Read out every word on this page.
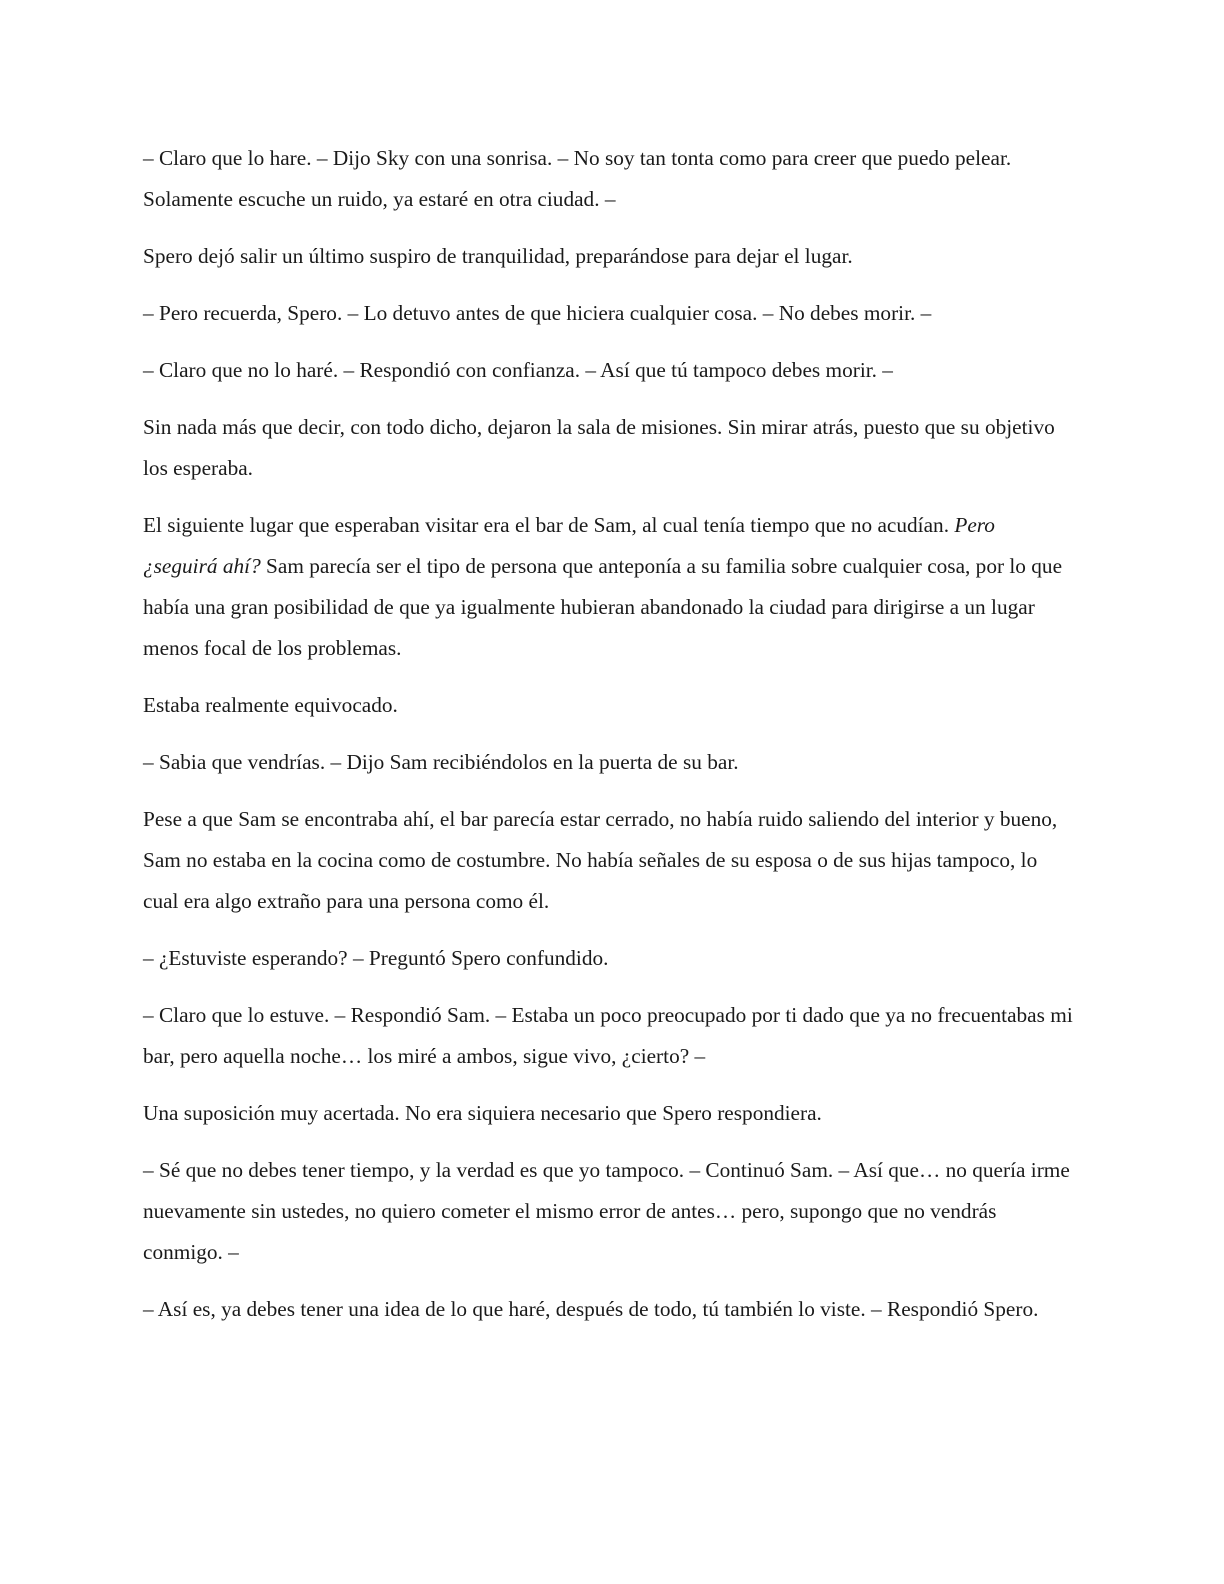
– Claro que lo hare. – Dijo Sky con una sonrisa. – No soy tan tonta como para creer que puedo pelear. Solamente escuche un ruido, ya estaré en otra ciudad. –

Spero dejó salir un último suspiro de tranquilidad, preparándose para dejar el lugar.

– Pero recuerda, Spero. – Lo detuvo antes de que hiciera cualquier cosa. – No debes morir. –

– Claro que no lo haré. – Respondió con confianza. – Así que tú tampoco debes morir. –

Sin nada más que decir, con todo dicho, dejaron la sala de misiones. Sin mirar atrás, puesto que su objetivo los esperaba.

El siguiente lugar que esperaban visitar era el bar de Sam, al cual tenía tiempo que no acudían. Pero ¿seguirá ahí? Sam parecía ser el tipo de persona que anteponía a su familia sobre cualquier cosa, por lo que había una gran posibilidad de que ya igualmente hubieran abandonado la ciudad para dirigirse a un lugar menos focal de los problemas.

Estaba realmente equivocado.

– Sabia que vendrías. – Dijo Sam recibiéndolos en la puerta de su bar.

Pese a que Sam se encontraba ahí, el bar parecía estar cerrado, no había ruido saliendo del interior y bueno, Sam no estaba en la cocina como de costumbre. No había señales de su esposa o de sus hijas tampoco, lo cual era algo extraño para una persona como él.

– ¿Estuviste esperando? – Preguntó Spero confundido.

– Claro que lo estuve. – Respondió Sam. – Estaba un poco preocupado por ti dado que ya no frecuentabas mi bar, pero aquella noche… los miré a ambos, sigue vivo, ¿cierto? –

Una suposición muy acertada. No era siquiera necesario que Spero respondiera.

– Sé que no debes tener tiempo, y la verdad es que yo tampoco. – Continuó Sam. – Así que… no quería irme nuevamente sin ustedes, no quiero cometer el mismo error de antes… pero, supongo que no vendrás conmigo. –

– Así es, ya debes tener una idea de lo que haré, después de todo, tú también lo viste. – Respondió Spero.
